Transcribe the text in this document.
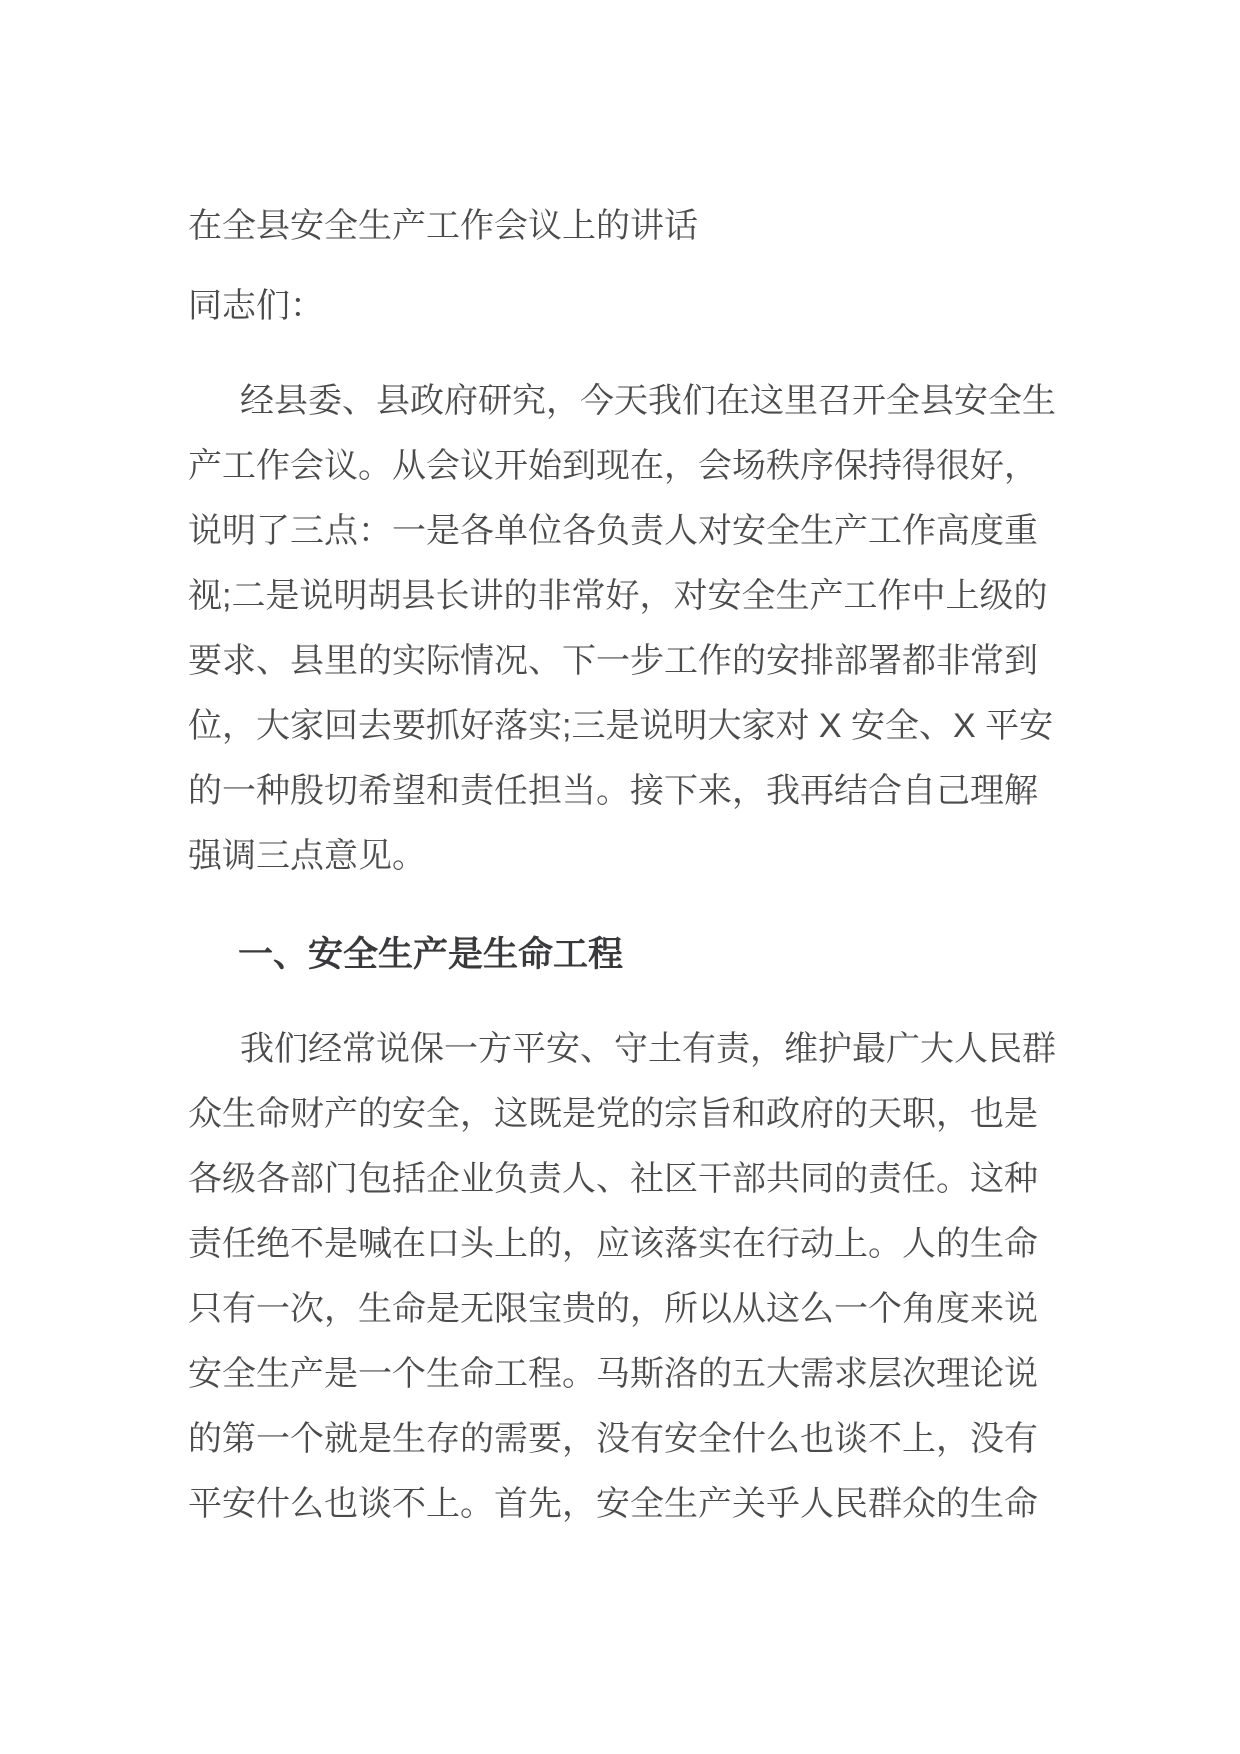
在全县安全生产工作会议上的讲话

同志们：

经县委、县政府研究，今天我们在这里召开全县安全生
产工作会议。从会议开始到现在，会场秩序保持得很好，
说明了三点：一是各单位各负责人对安全生产工作高度重
视;二是说明胡县长讲的非常好，对安全生产工作中上级的
要求、县里的实际情况、下一步工作的安排部署都非常到
位，大家回去要抓好落实;三是说明大家对 X 安全、X 平安
的一种殷切希望和责任担当。接下来，我再结合自己理解
强调三点意见。
一、安全生产是生命工程
我们经常说保一方平安、守土有责，维护最广大人民群
众生命财产的安全，这既是党的宗旨和政府的天职，也是
各级各部门包括企业负责人、社区干部共同的责任。这种
责任绝不是喊在口头上的，应该落实在行动上。人的生命
只有一次，生命是无限宝贵的，所以从这么一个角度来说
安全生产是一个生命工程。马斯洛的五大需求层次理论说
的第一个就是生存的需要，没有安全什么也谈不上，没有
平安什么也谈不上。首先，安全生产关乎人民群众的生命
